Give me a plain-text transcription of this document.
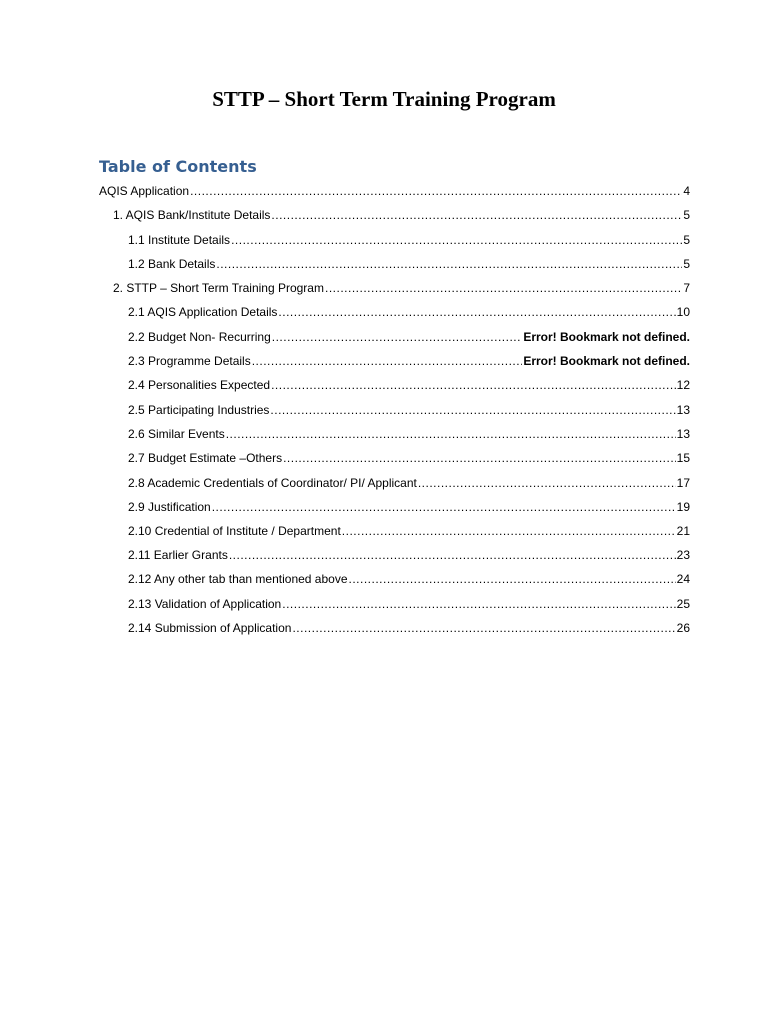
STTP – Short Term Training Program
Table of Contents
AQIS Application .....	4
1. AQIS Bank/Institute Details .....	5
1.1 Institute Details .....	5
1.2 Bank Details .....	5
2. STTP – Short Term Training Program .....	7
2.1 AQIS Application Details .....	10
2.2 Budget Non- Recurring .....	Error! Bookmark not defined.
2.3 Programme Details .....	Error! Bookmark not defined.
2.4 Personalities Expected .....	12
2.5 Participating Industries .....	13
2.6 Similar Events .....	13
2.7 Budget Estimate –Others .....	15
2.8 Academic Credentials of Coordinator/ PI/ Applicant .....	17
2.9 Justification .....	19
2.10 Credential of Institute / Department .....	21
2.11 Earlier Grants .....	23
2.12 Any other tab than mentioned above .....	24
2.13 Validation of Application .....	25
2.14 Submission of Application .....	26
